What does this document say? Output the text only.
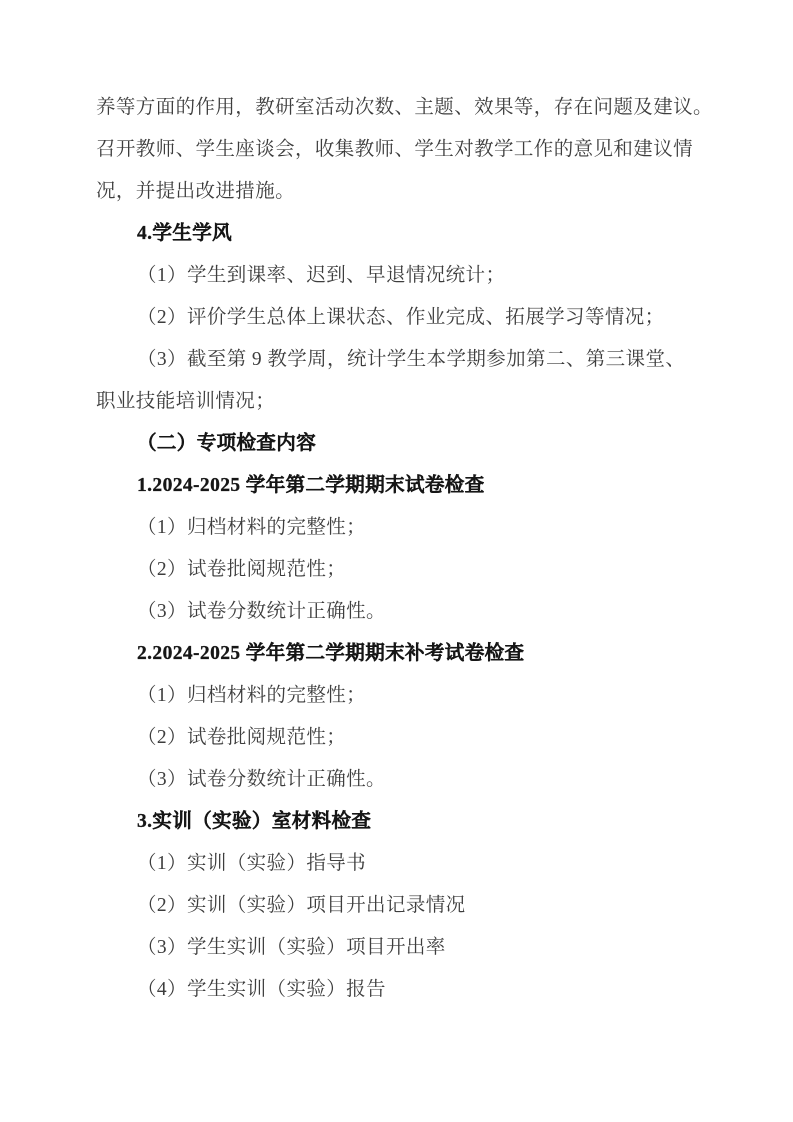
养等方面的作用，教研室活动次数、主题、效果等，存在问题及建议。
召开教师、学生座谈会，收集教师、学生对教学工作的意见和建议情
况，并提出改进措施。
4.学生学风
（1）学生到课率、迟到、早退情况统计；
（2）评价学生总体上课状态、作业完成、拓展学习等情况；
（3）截至第 9 教学周，统计学生本学期参加第二、第三课堂、
职业技能培训情况；
（二）专项检查内容
1.2024-2025 学年第二学期期末试卷检查
（1）归档材料的完整性；
（2）试卷批阅规范性；
（3）试卷分数统计正确性。
2.2024-2025 学年第二学期期末补考试卷检查
（1）归档材料的完整性；
（2）试卷批阅规范性；
（3）试卷分数统计正确性。
3.实训（实验）室材料检查
（1）实训（实验）指导书
（2）实训（实验）项目开出记录情况
（3）学生实训（实验）项目开出率
（4）学生实训（实验）报告
